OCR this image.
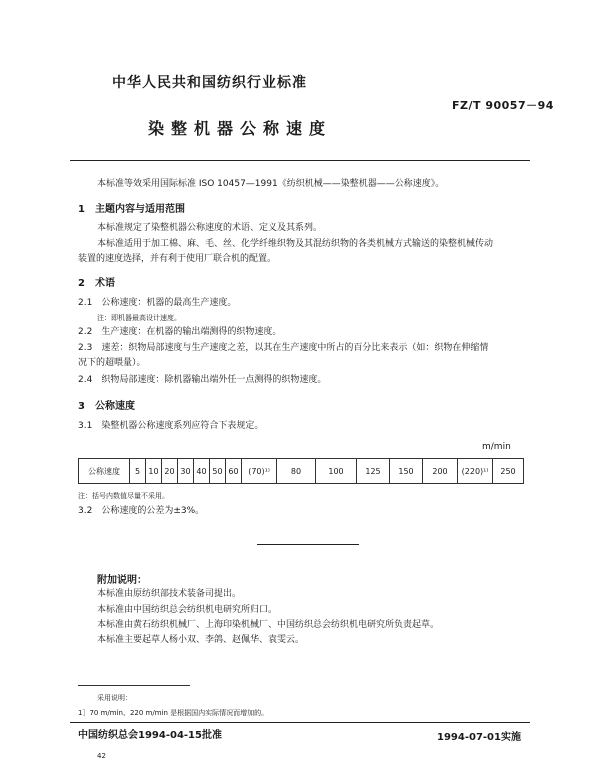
中华人民共和国纺织行业标准
FZ/T 90057－94
染整机器公称速度
本标准等效采用国际标准 ISO 10457—1991《纺织机械——染整机器——公称速度》。
1　主题内容与适用范围
本标准规定了染整机器公称速度的术语、定义及其系列。
本标准适用于加工棉、麻、毛、丝、化学纤维织物及其混纺织物的各类机械方式输送的染整机械传动
装置的速度选择，并有利于使用厂联合机的配置。
2　术语
2.1　公称速度：机器的最高生产速度。
注：即机器最高设计速度。
2.2　生产速度：在机器的输出端测得的织物速度。
2.3　速差：织物局部速度与生产速度之差，以其在生产速度中所占的百分比来表示（如：织物在伸缩情
况下的超喂量）。
2.4　织物局部速度：除机器输出端外任一点测得的织物速度。
3　公称速度
3.1　染整机器公称速度系列应符合下表规定。
m/min
公称速度	5	10	20	30	40	50	60	(70)¹⁾	80	100	125	150	200	(220)¹⁾	250
注：括号内数值尽量不采用。
3.2　公称速度的公差为±3%。
附加说明：
本标准由原纺织部技术装备司提出。
本标准由中国纺织总会纺织机电研究所归口。
本标准由黄石纺织机械厂、上海印染机械厂、中国纺织总会纺织机电研究所负责起草。
本标准主要起草人杨小双、李鸽、赵佩华、袁雯云。
采用说明：
1］70 m/min、220 m/min 是根据国内实际情况而增加的。
中国纺织总会1994-04-15批准	1994-07-01实施
42
